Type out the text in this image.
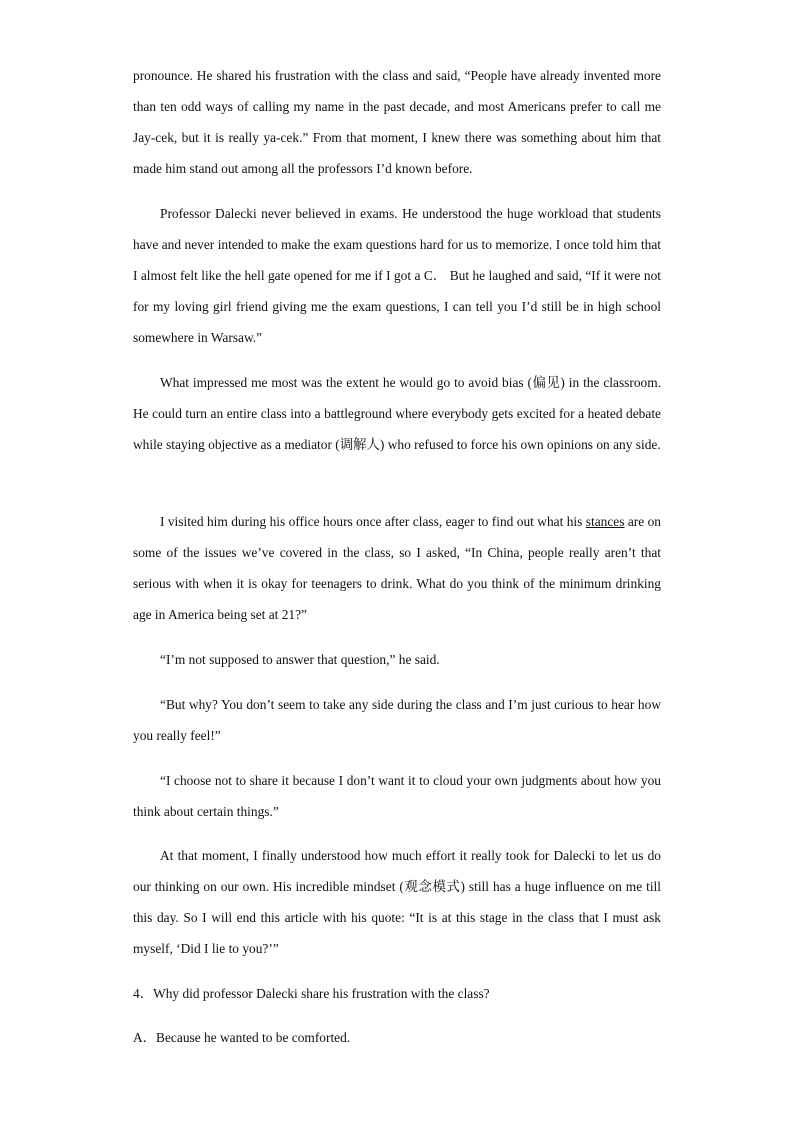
pronounce. He shared his frustration with the class and said, “People have already invented more than ten odd ways of calling my name in the past decade, and most Americans prefer to call me Jay-cek, but it is really ya-cek.” From that moment, I knew there was something about him that made him stand out among all the professors I’d known before.

Professor Dalecki never believed in exams. He understood the huge workload that students have and never intended to make the exam questions hard for us to memorize. I once told him that I almost felt like the hell gate opened for me if I got a C． But he laughed and said, “If it were not for my loving girl friend giving me the exam questions, I can tell you I’d still be in high school somewhere in Warsaw.”

What impressed me most was the extent he would go to avoid bias (偏见) in the classroom. He could turn an entire class into a battleground where everybody gets excited for a heated debate while staying objective as a mediator (调解人) who refused to force his own opinions on any side.

I visited him during his office hours once after class, eager to find out what his stances are on some of the issues we’ve covered in the class, so I asked, “In China, people really aren’t that serious with when it is okay for teenagers to drink. What do you think of the minimum drinking age in America being set at 21?”

“I’m not supposed to answer that question,” he said.

“But why? You don’t seem to take any side during the class and I’m just curious to hear how you really feel!”

“I choose not to share it because I don’t want it to cloud your own judgments about how you think about certain things.”

At that moment, I finally understood how much effort it really took for Dalecki to let us do our thinking on our own. His incredible mindset (观念模式) still has a huge influence on me till this day. So I will end this article with his quote: “It is at this stage in the class that I must ask myself, ‘Did I lie to you?’”

4．Why did professor Dalecki share his frustration with the class?

A．Because he wanted to be comforted.
